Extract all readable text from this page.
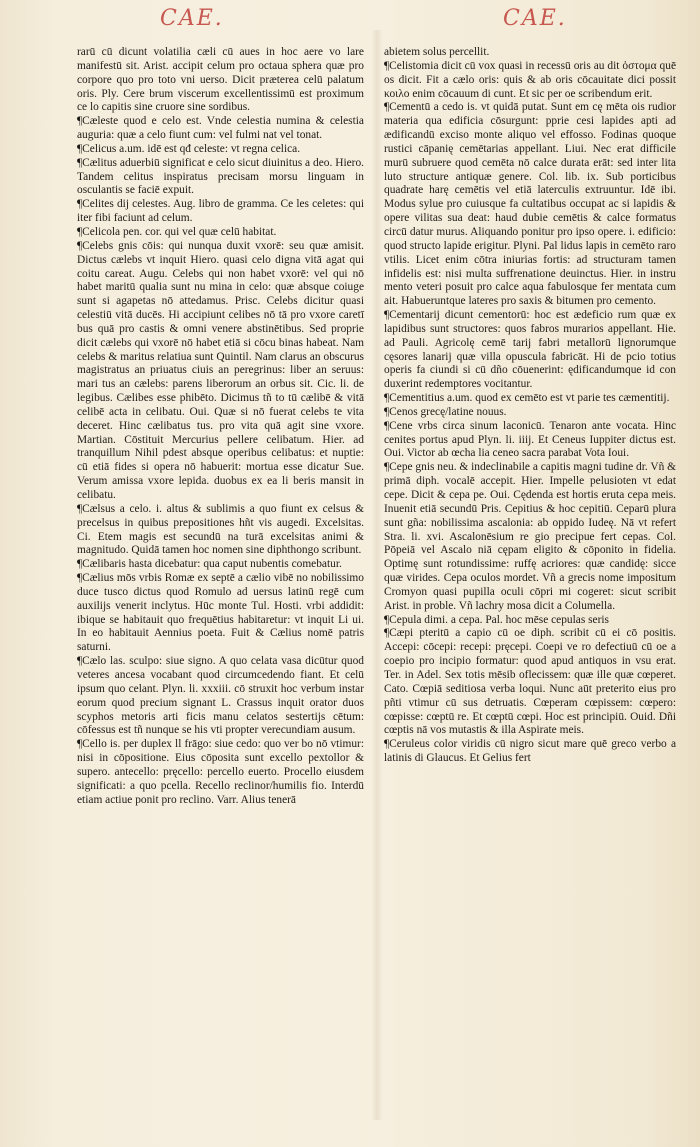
CAE.	CAE.

rarū cū dicunt volatilia cæli cū aues in hoc aere vo lare manifestū sit. Arist. accipit celum pro octaua sphera quæ pro corpore quo pro toto vni uerso. Dicit præterea celū palatum oris. Ply. Cere brum viscerum excellentissimū est proximum ce lo capitis sine cruore sine sordibus.

¶Cæleste quod e celo est. Vnde celestia numina & celestia auguria: quæ a celo fiunt cum: vel fulmi nat vel tonat.

¶Celicus a.um. idē est qđ celeste: vt regna celica.

¶Cælitus aduerbiū significat e celo sicut diuinitus a deo. Hiero. Tandem celitus inspiratus precisam morsu linguam in osculantis se faciē expuit.

¶Celites dij celestes. Aug. libro de gramma. Ce les celetes: qui iter fibi faciunt ad celum.

¶Celicola pen. cor. qui vel quæ celū habitat.

¶Celebs gnis cōis: qui nunqua duxit vxorē: seu quæ amisit. Dictus cælebs vt inquit Hiero. quasi celo digna vitā agat qui coitu careat. Augu. Celebs qui non habet vxorē: vel qui nō habet maritū qualia sunt nu mina in celo: quæ absque coiuge sunt si agapetas nō attedamus. Prisc. Celebs dicitur quasi celestiū vitā ducēs. Hi accipiunt celibes nō tā pro vxore caretī bus quā pro castis & omni venere abstinētibus. Sed proprie dicit cælebs qui vxorē nō habet etiā si cōcu binas habeat. Nam celebs & maritus relatiua sunt Quintil. Nam clarus an obscurus magistratus an priuatus ciuis an peregrinus: liber an seruus: mari tus an cælebs: parens liberorum an orbus sit. Cic. li. de legibus. Cælibes esse phibēto. Dicimus tñ to tū cælibē & vitā celibē acta in celibatu. Oui. Quæ si nō fuerat celebs te vita deceret. Hinc cælibatus tus. pro vita quā agit sine vxore. Martian. Cōstituit Mercurius pellere celibatum. Hier. ad tranquillum Nihil pdest absque operibus celibatus: et nuptie: cū etiā fides si opera nō habuerit: mortua esse dicatur Sue. Verum amissa vxore lepida. duobus ex ea li beris mansit in celibatu.

¶Cælsus a celo. i. altus & sublimis a quo fiunt ex celsus & precelsus in quibus prepositiones hñt vis augedi. Excelsitas. Ci. Etem magis est secundū na turā excelsitas animi & magnitudo. Quidā tamen hoc nomen sine diphthongo scribunt.

¶Cælibaris hasta dicebatur: qua caput nubentis comebatur.

¶Cælius mōs vrbis Romæ ex septē a cælio vibē no nobilissimo duce tusco dictus quod Romulo ad uersus latinū regē cum auxilijs venerit inclytus. Hūc monte Tul. Hosti. vrbi addidit: ibique se habitauit quo frequētius habitaretur: vt inquit Li ui. In eo habitauit Aennius poeta. Fuit & Cælius nomē patris saturni.

¶Cælo las. sculpo: siue signo. A quo celata vasa dicūtur quod veteres ancesa vocabant quod circumcedendo fiant. Et celū ipsum quo celant. Plyn. li. xxxiii. cō struxit hoc verbum instar eorum quod precium signant L. Crassus inquit orator duos scyphos metoris arti ficis manu celatos sestertijs cētum: cōfessus est tñ nunque se his vti propter verecundiam ausum.

¶Cello is. per duplex ll frāgo: siue cedo: quo ver bo nō vtimur: nisi in cōpositione. Eius cōposita sunt excello pextollor & supero. antecello: pręcello: percello euerto. Procello eiusdem significati: a quo pcella. Recello reclinor/humilis fio. Interdū etiam actiue ponit pro reclino. Varr. Alius tenerā

abietem solus percellit.

¶Celistomia dicit cū vox quasi in recessū oris au dit ὀστομα quē os dicit. Fit a cælo oris: quis & ab oris cōcauitate dici possit κοιλο enim cōcauum di cunt. Et sic per oe scribendum erit.

¶Cementū a cedo is. vt quidā putat. Sunt em cę mēta ois rudior materia qua edificia cōsurgunt: pprie cesi lapides apti ad ædificandū exciso monte aliquo vel effosso. Fodinas quoque rustici cāpanię cemētarias appellant. Liui. Nec erat difficile murū subruere quod cemēta nō calce durata erāt: sed inter lita luto structure antiquæ genere. Col. lib. ix. Sub porticibus quadrate harę cemētis vel etiā laterculis extruuntur. Idē ibi. Modus sylue pro cuiusque fa cultatibus occupat ac si lapidis & opere vilitas sua deat: haud dubie cemētis & calce formatus circū datur murus. Aliquando ponitur pro ipso opere. i. edificio: quod structo lapide erigitur. Plyni. Pal lidus lapis in cemēto raro vtilis. Licet enim cōtra iniurias fortis: ad structuram tamen infidelis est: nisi multa suffrenatione deuinctus. Hier. in instru mento veteri posuit pro calce aqua fabulosque fer mentata cum ait. Habueruntque lateres pro saxis & bitumen pro cemento.

¶Cementarij dicunt cementorū: hoc est ædeficio rum quæ ex lapidibus sunt structores: quos fabros murarios appellant. Hie. ad Pauli. Agricolę cemē tarij fabri metallorū lignorumque cęsores lanarij quæ villa opuscula fabricāt. Hi de pcio totius operis fa ciundi si cū dño cōuenerint: ędificandumque id con duxerint redemptores vocitantur.

¶Cementitius a.um. quod ex cemēto est vt parie tes cæmentitij.

¶Cenos grecę/latine nouus.

¶Cene vrbs circa sinum laconicū. Tenaron ante vocata. Hinc cenites portus apud Plyn. li. iiij. Et Ceneus Iuppiter dictus est. Oui. Victor ab œcha lia ceneo sacra parabat Vota Ioui.

¶Cepe gnis neu. & indeclinabile a capitis magni tudine dr. Vñ & primā diph. vocalē accepit. Hier. Impelle pelusioten vt edat cepe. Dicit & cepa pe. Oui. Cędenda est hortis eruta cepa meis. Inuenit etiā secundū Pris. Cepitius & hoc cepitiū. Ceparū plura sunt gña: nobilissima ascalonia: ab oppido Iudeę. Nā vt refert Stra. li. xvi. Ascalonēsium re gio precipue fert cepas. Col. Pōpeiā vel Ascalo niā cępam eligito & cōponito in fidelia. Optimę sunt rotundissime: ruffę acriores: quæ candidę: sicce quæ virides. Cepa oculos mordet. Vñ a grecis nome impositum Cromyon quasi pupilla oculi cōpri mi cogeret: sicut scribit Arist. in proble. Vñ lachry mosa dicit a Columella.

¶Cepula dimi. a cepa. Pal. hoc mēse cepulas seris

¶Cæpi pteritū a capio cū oe diph. scribit cū ei cō positis. Accepi: cōcepi: recepi: pręcepi. Coepi ve ro defectiuū cū oe a coepio pro incipio formatur: quod apud antiquos in vsu erat. Ter. in Adel. Sex totis mēsib oflecissem: quæ ille quæ cœperet. Cato. Cœpiā seditiosa verba loqui. Nunc aūt preterito eius pro pñti vtimur cū sus detruatis. Cœperam cœpissem: cœpero: cœpisse: cœptū re. Et cœptū cœpi. Hoc est principiū. Ouid. Dñi cœptis nā vos mutastis & illa Aspirate meis.

¶Ceruleus color viridis cū nigro sicut mare quē greco verbo a latinis di Glaucus. Et Gelius fert
